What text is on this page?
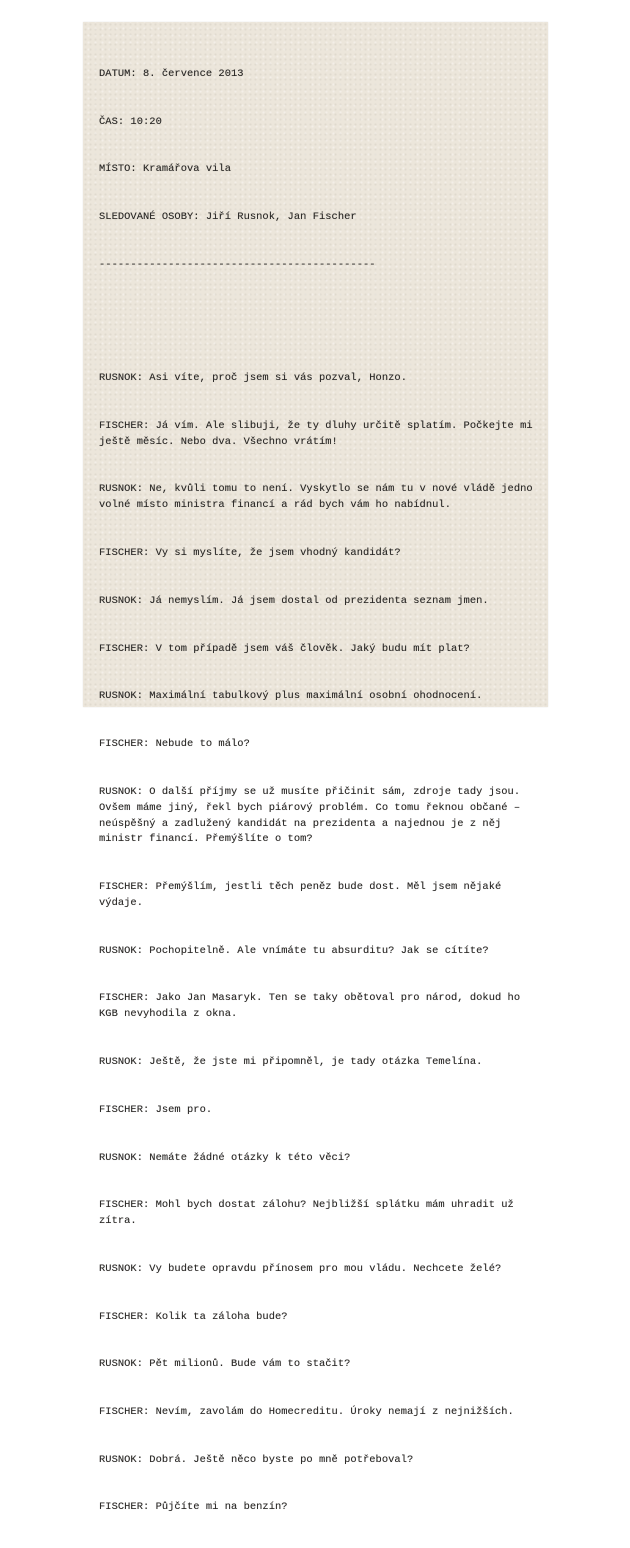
DATUM: 8. července 2013

ČAS: 10:20

MÍSTO: Kramářova vila

SLEDOVANÉ OSOBY: Jiří Rusnok, Jan Fischer

--------------------------------------------

RUSNOK: Asi víte, proč jsem si vás pozval, Honzo.

FISCHER: Já vím. Ale slibuji, že ty dluhy určitě splatím. Počkejte mi ještě měsíc. Nebo dva. Všechno vrátím!

RUSNOK: Ne, kvůli tomu to není. Vyskytlo se nám tu v nové vládě jedno volné místo ministra financí a rád bych vám ho nabídnul.

FISCHER: Vy si myslíte, že jsem vhodný kandidát?

RUSNOK: Já nemyslím. Já jsem dostal od prezidenta seznam jmen.

FISCHER: V tom případě jsem váš člověk. Jaký budu mít plat?

RUSNOK: Maximální tabulkový plus maximální osobní ohodnocení.

FISCHER: Nebude to málo?

RUSNOK: O další příjmy se už musíte přičinit sám, zdroje tady jsou. Ovšem máme jiný, řekl bych piárový problém. Co tomu řeknou občané – neúspěšný a zadlužený kandidát na prezidenta a najednou je z něj ministr financí. Přemýšlíte o tom?

FISCHER: Přemýšlím, jestli těch peněz bude dost. Měl jsem nějaké výdaje.

RUSNOK: Pochopitelně. Ale vnímáte tu absurditu? Jak se cítíte?

FISCHER: Jako Jan Masaryk. Ten se taky obětoval pro národ, dokud ho KGB nevyhodila z okna.

RUSNOK: Ještě, že jste mi připomněl, je tady otázka Temelína.

FISCHER: Jsem pro.

RUSNOK: Nemáte žádné otázky k této věci?

FISCHER: Mohl bych dostat zálohu? Nejbližší splátku mám uhradit už zítra.

RUSNOK: Vy budete opravdu přínosem pro mou vládu. Nechcete želé?

FISCHER: Kolik ta záloha bude?

RUSNOK: Pět milionů. Bude vám to stačit?

FISCHER: Nevím, zavolám do Homecreditu. Úroky nemají z nejnižších.

RUSNOK: Dobrá. Ještě něco byste po mně potřeboval?

FISCHER: Půjčíte mi na benzín?
